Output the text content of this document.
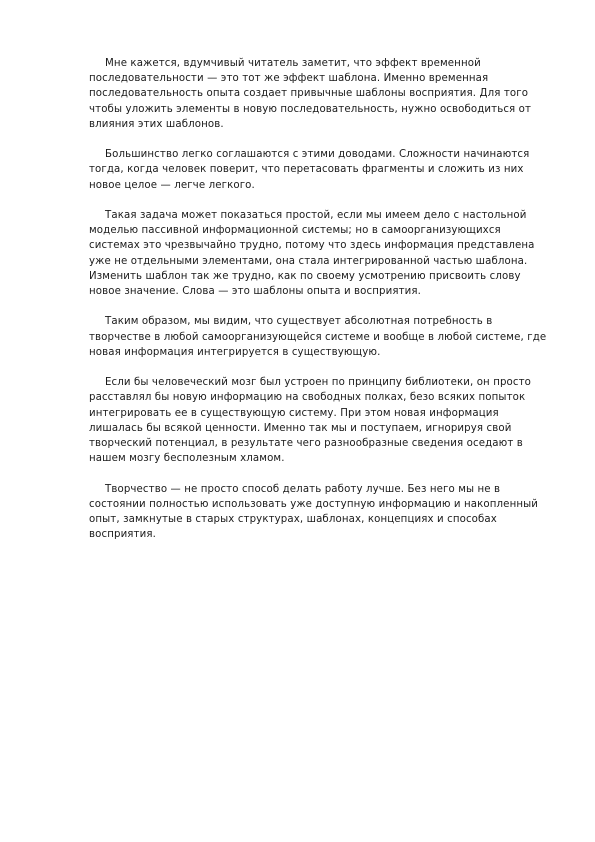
Мне кажется, вдумчивый читатель заметит, что эффект временной последовательности — это тот же эффект шаблона. Именно временная последовательность опыта создает привычные шаблоны восприятия. Для того чтобы уложить элементы в новую последовательность, нужно освободиться от влияния этих шаблонов.

Большинство легко соглашаются с этими доводами. Сложности начинаются тогда, когда человек поверит, что перетасовать фрагменты и сложить из них новое целое — легче легкого.

Такая задача может показаться простой, если мы имеем дело с настольной моделью пассивной информационной системы; но в самоорганизующихся системах это чрезвычайно трудно, потому что здесь информация представлена уже не отдельными элементами, она стала интегрированной частью шаблона. Изменить шаблон так же трудно, как по своему усмотрению присвоить слову новое значение. Слова — это шаблоны опыта и восприятия.

Таким образом, мы видим, что существует абсолютная потребность в творчестве в любой самоорганизующейся системе и вообще в любой системе, где новая информация интегрируется в существующую.

Если бы человеческий мозг был устроен по принципу библиотеки, он просто расставлял бы новую информацию на свободных полках, безо всяких попыток интегрировать ее в существующую систему. При этом новая информация лишалась бы всякой ценности. Именно так мы и поступаем, игнорируя свой творческий потенциал, в результате чего разнообразные сведения оседают в нашем мозгу бесполезным хламом.

Творчество — не просто способ делать работу лучше. Без него мы не в состоянии полностью использовать уже доступную информацию и накопленный опыт, замкнутые в старых структурах, шаблонах, концепциях и способах восприятия.
